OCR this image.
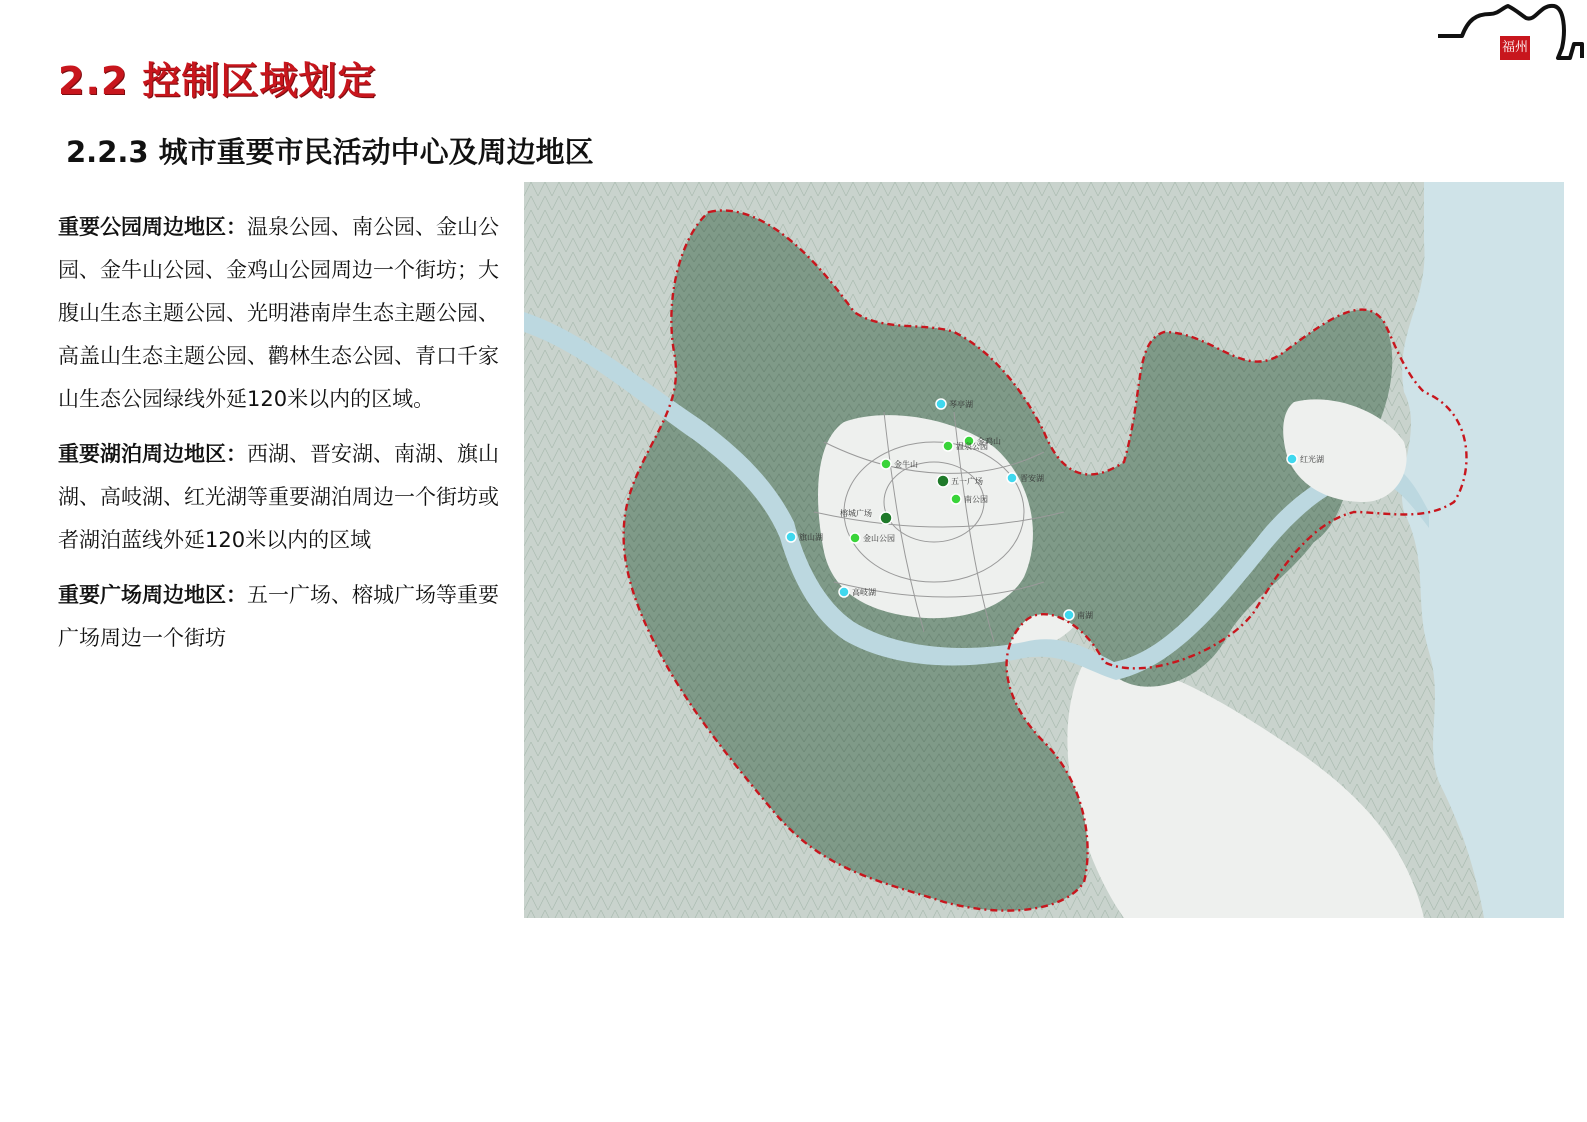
2.2 控制区域划定
2.2.3 城市重要市民活动中心及周边地区
福州

重要公园周边地区：温泉公园、南公园、金山公园、金牛山公园、金鸡山公园周边一个街坊；大腹山生态主题公园、光明港南岸生态主题公园、高盖山生态主题公园、鹳林生态公园、青口千家山生态公园绿线外延120米以内的区域。

重要湖泊周边地区：西湖、晋安湖、南湖、旗山湖、高岐湖、红光湖等重要湖泊周边一个街坊或者湖泊蓝线外延120米以内的区域

重要广场周边地区：五一广场、榕城广场等重要广场周边一个街坊

琴亭湖
金鸡山
金牛山
温泉公园
五一广场	晋安湖
南公园
榕城广场
旗山湖	金山公园
高岐湖
南湖
红光湖
